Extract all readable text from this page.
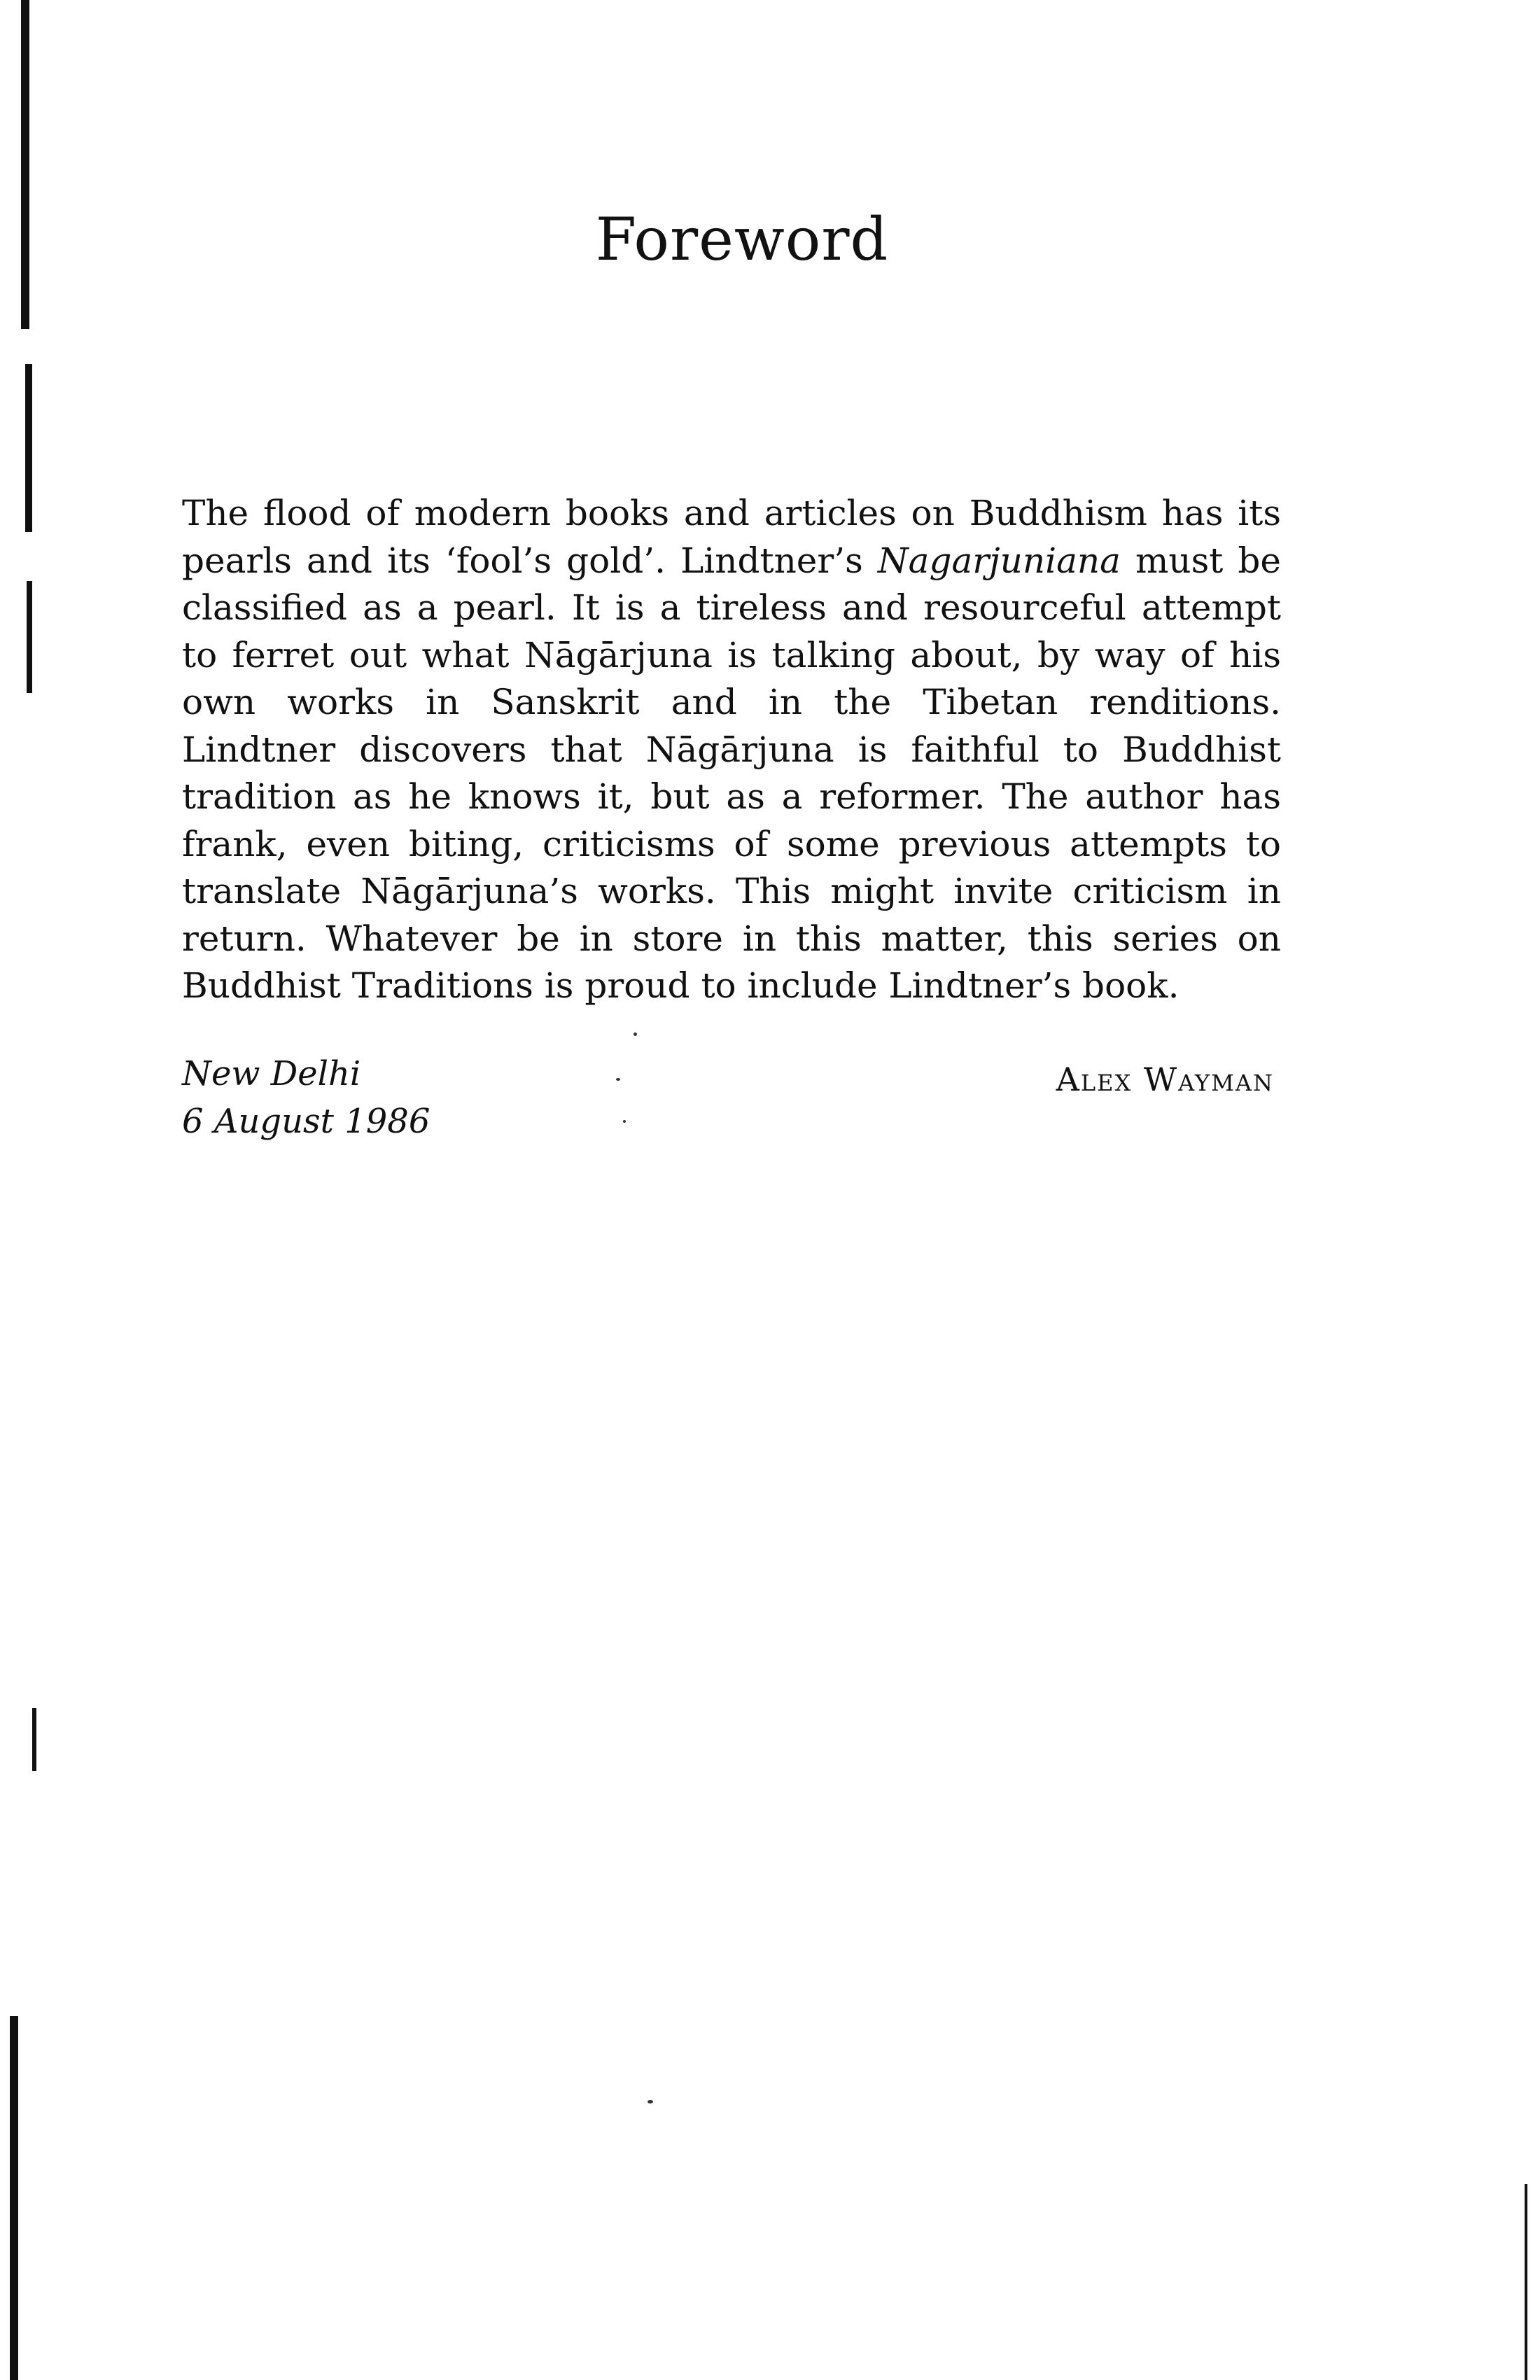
Foreword

The flood of modern books and articles on Buddhism has its pearls and its ‘fool’s gold’. Lindtner’s Nagarjuniana must be classified as a pearl. It is a tireless and resourceful attempt to ferret out what Nāgārjuna is talking about, by way of his own works in Sanskrit and in the Tibetan renditions. Lindtner discovers that Nāgārjuna is faithful to Buddhist tradition as he knows it, but as a reformer. The author has frank, even biting, criticisms of some previous attempts to translate Nāgārjuna’s works. This might invite criticism in return. Whatever be in store in this matter, this series on Buddhist Traditions is proud to include Lindtner’s book.

New Delhi
6 August 1986
Alex Wayman
